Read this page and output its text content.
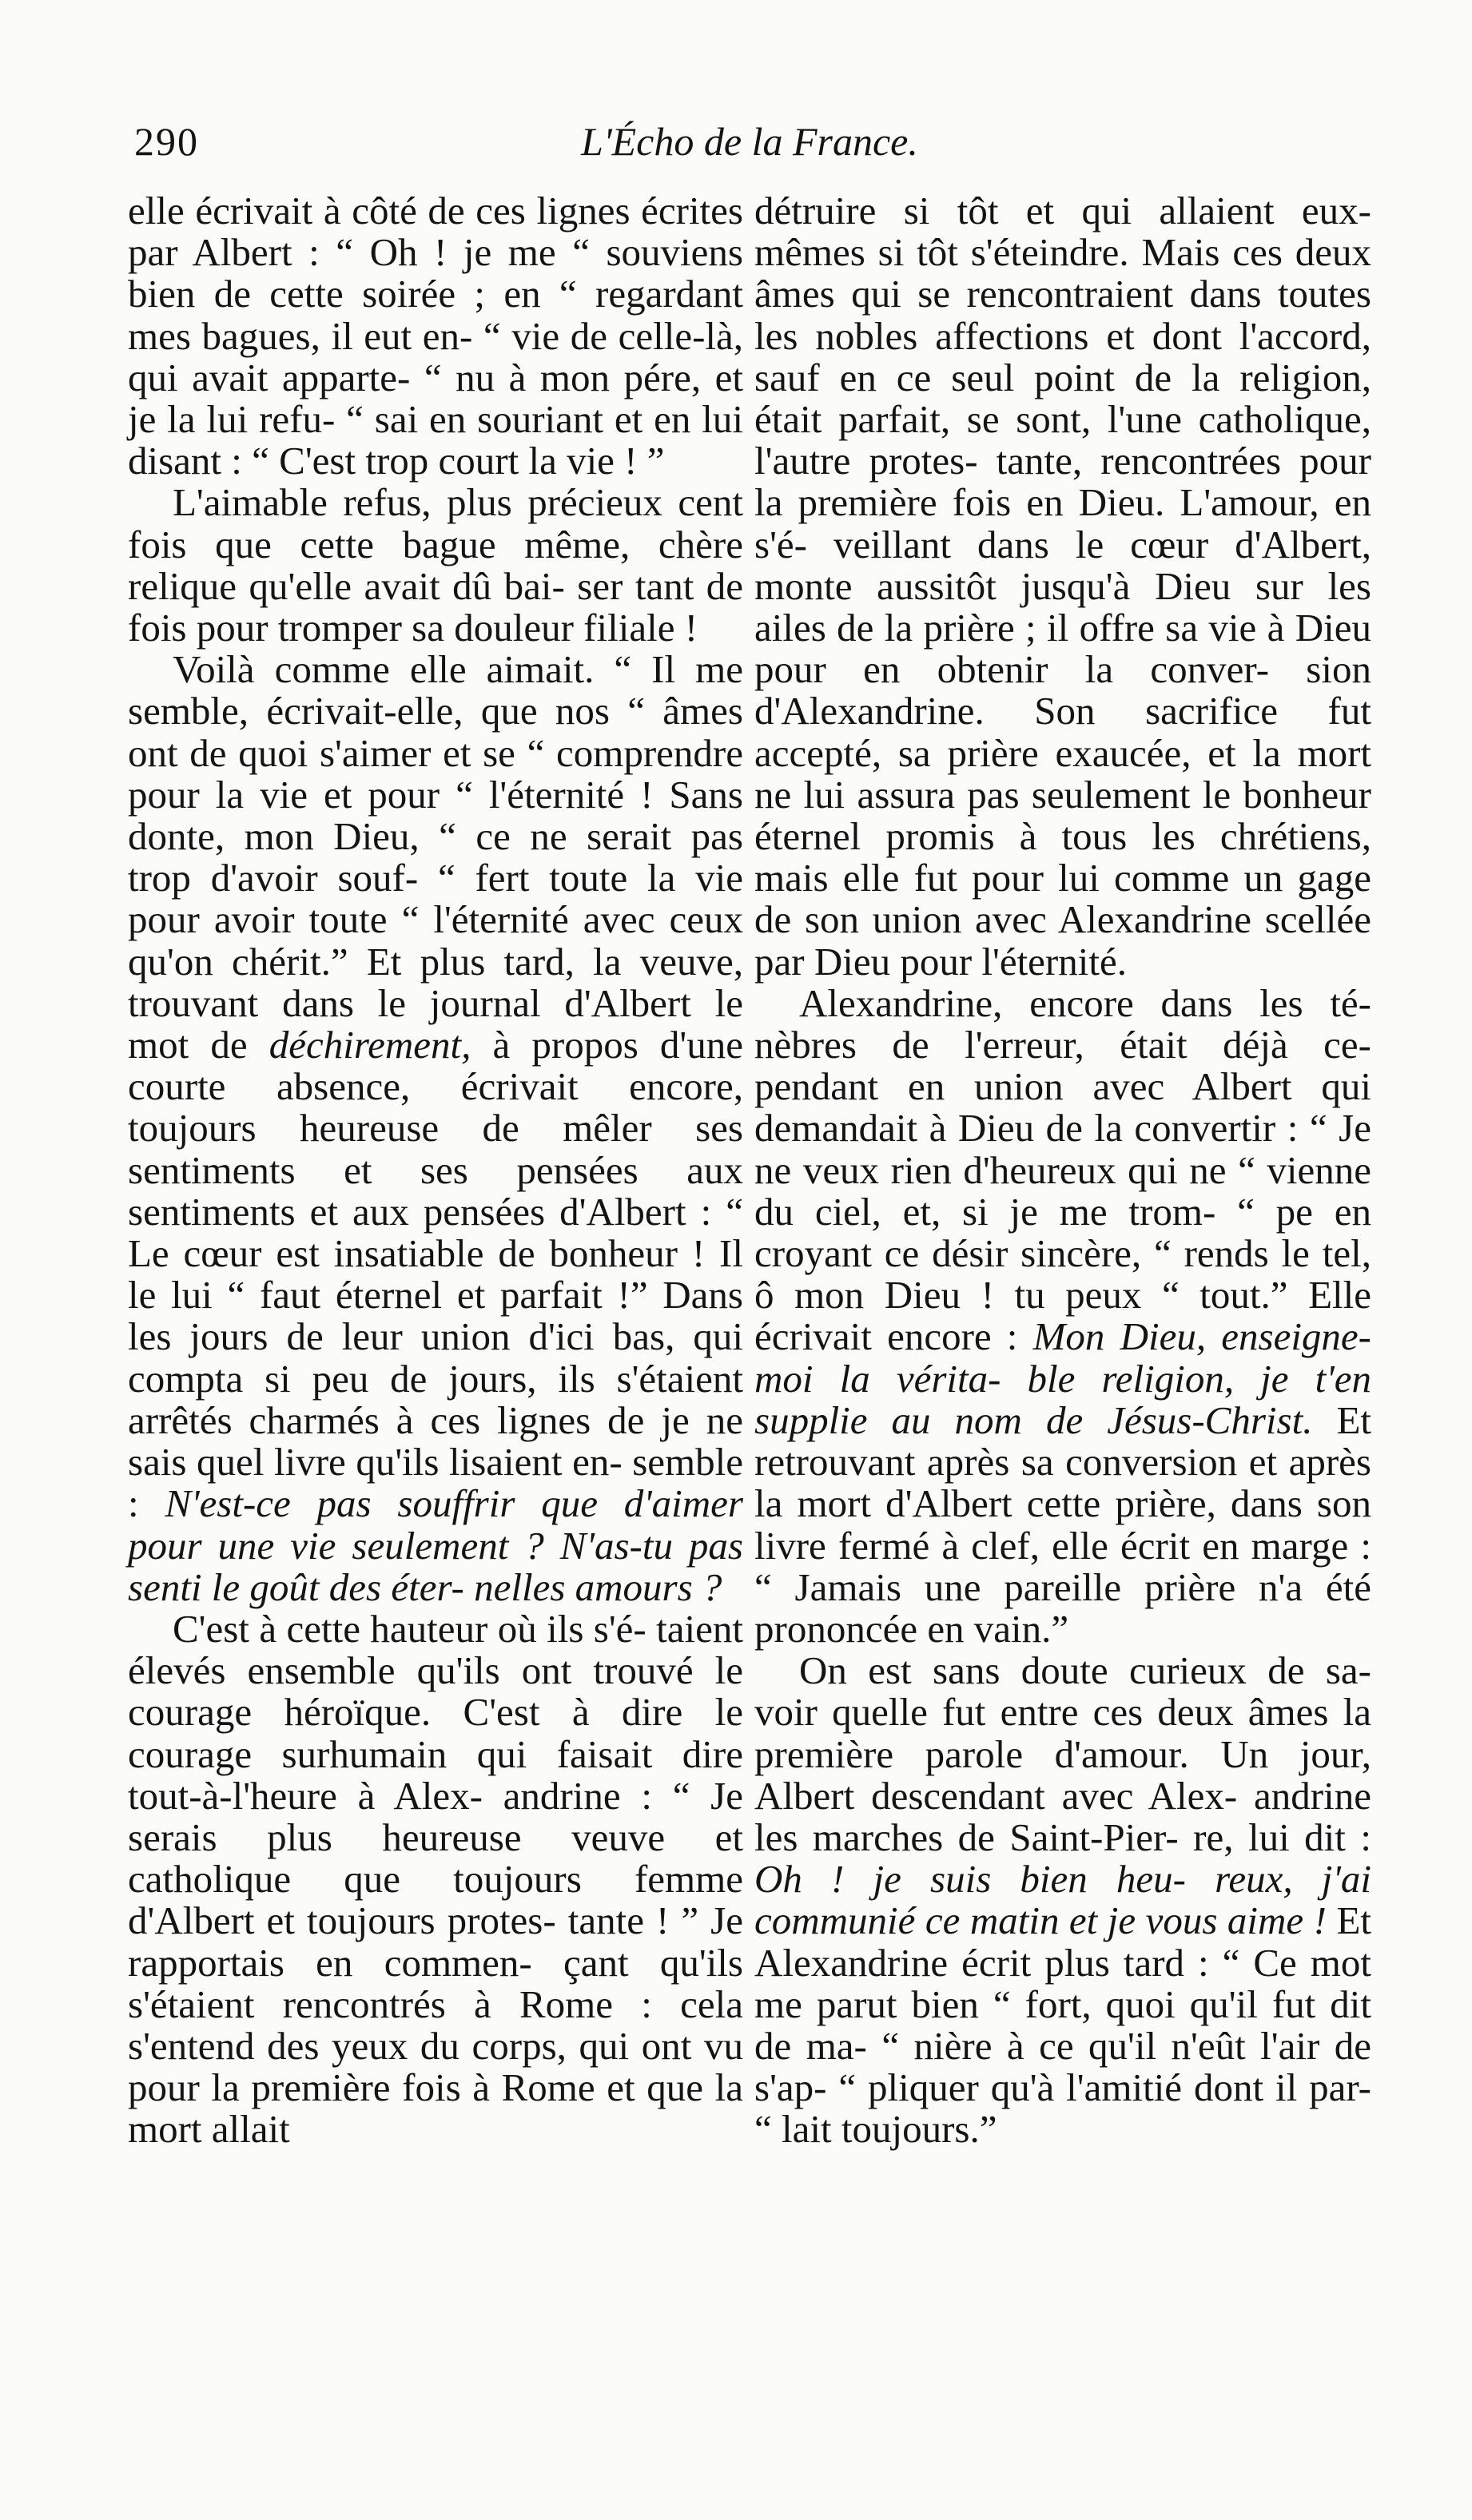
L'Écho de la France.
290

elle écrivait à côté de ces lignes écrites par Albert : “ Oh ! je me “ souviens bien de cette soirée ; en “ regardant mes bagues, il eut en- “ vie de celle-là, qui avait apparte- “ nu à mon pére, et je la lui refu- “ sai en souriant et en lui disant : “ C'est trop court la vie ! ”

L'aimable refus, plus précieux cent fois que cette bague même, chère relique qu'elle avait dû bai- ser tant de fois pour tromper sa douleur filiale !

Voilà comme elle aimait. “ Il me semble, écrivait-elle, que nos “ âmes ont de quoi s'aimer et se “ comprendre pour la vie et pour “ l'éternité ! Sans donte, mon Dieu, “ ce ne serait pas trop d'avoir souf- “ fert toute la vie pour avoir toute “ l'éternité avec ceux qu'on chérit.” Et plus tard, la veuve, trouvant dans le journal d'Albert le mot de déchirement, à propos d'une courte absence, écrivait encore, toujours heureuse de mêler ses sentiments et ses pensées aux sentiments et aux pensées d'Albert : “ Le cœur est insatiable de bonheur ! Il le lui “ faut éternel et parfait !” Dans les jours de leur union d'ici bas, qui compta si peu de jours, ils s'étaient arrêtés charmés à ces lignes de je ne sais quel livre qu'ils lisaient en- semble : N'est-ce pas souffrir que d'aimer pour une vie seulement ? N'as-tu pas senti le goût des éter- nelles amours ?

C'est à cette hauteur où ils s'é- taient élevés ensemble qu'ils ont trouvé le courage héroïque. C'est à dire le courage surhumain qui faisait dire tout-à-l'heure à Alex- andrine : “ Je serais plus heureuse veuve et catholique que toujours femme d'Albert et toujours protes- tante ! ” Je rapportais en commen- çant qu'ils s'étaient rencontrés à Rome : cela s'entend des yeux du corps, qui ont vu pour la première fois à Rome et que la mort allait

détruire si tôt et qui allaient eux- mêmes si tôt s'éteindre. Mais ces deux âmes qui se rencontraient dans toutes les nobles affections et dont l'accord, sauf en ce seul point de la religion, était parfait, se sont, l'une catholique, l'autre protes- tante, rencontrées pour la première fois en Dieu. L'amour, en s'é- veillant dans le cœur d'Albert, monte aussitôt jusqu'à Dieu sur les ailes de la prière ; il offre sa vie à Dieu pour en obtenir la conver- sion d'Alexandrine. Son sacrifice fut accepté, sa prière exaucée, et la mort ne lui assura pas seulement le bonheur éternel promis à tous les chrétiens, mais elle fut pour lui comme un gage de son union avec Alexandrine scellée par Dieu pour l'éternité.

Alexandrine, encore dans les té- nèbres de l'erreur, était déjà ce- pendant en union avec Albert qui demandait à Dieu de la convertir : “ Je ne veux rien d'heureux qui ne “ vienne du ciel, et, si je me trom- “ pe en croyant ce désir sincère, “ rends le tel, ô mon Dieu ! tu peux “ tout.” Elle écrivait encore : Mon Dieu, enseigne-moi la vérita- ble religion, je t'en supplie au nom de Jésus-Christ. Et retrouvant après sa conversion et après la mort d'Albert cette prière, dans son livre fermé à clef, elle écrit en marge : “ Jamais une pareille prière n'a été prononcée en vain.”

On est sans doute curieux de sa- voir quelle fut entre ces deux âmes la première parole d'amour. Un jour, Albert descendant avec Alex- andrine les marches de Saint-Pier- re, lui dit : Oh ! je suis bien heu- reux, j'ai communié ce matin et je vous aime ! Et Alexandrine écrit plus tard : “ Ce mot me parut bien “ fort, quoi qu'il fut dit de ma- “ nière à ce qu'il n'eût l'air de s'ap- “ pliquer qu'à l'amitié dont il par- “ lait toujours.”
